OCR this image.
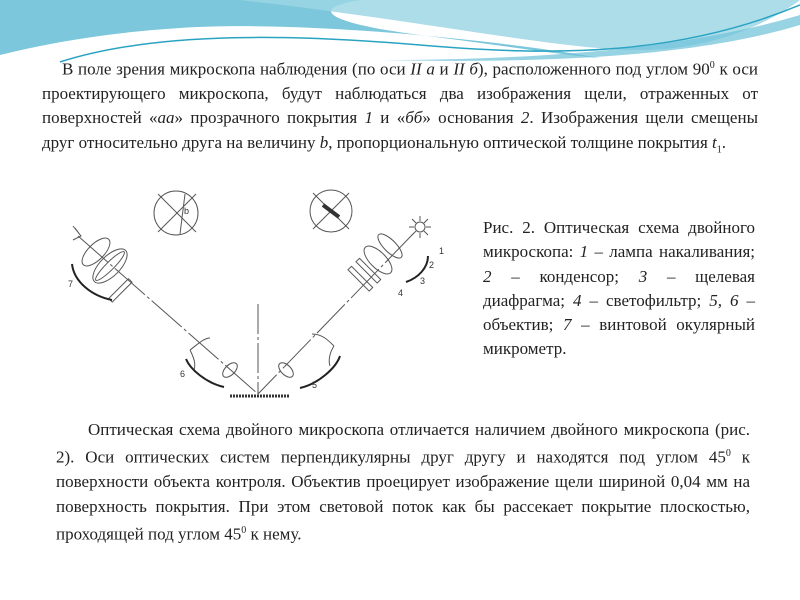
В поле зрения микроскопа наблюдения (по оси II а и II б), расположенного под углом $90^0$ к оси проектирующего микроскопа, будут наблюдаться два изображения щели, отраженных от поверхностей «аа» прозрачного покрытия 1 и «бб» основания 2. Изображения щели смещены друг относительно друга на величину b, пропорциональную оптической толщине покрытия $t_1$.
b
1
2
3
4
5
6
7
Рис. 2. Оптическая схема двойного микроскопа: 1 – лампа накаливания; 2 – конденсор; 3 – щелевая диафрагма; 4 – светофильтр; 5, 6 – объектив; 7 – винтовой окулярный микрометр.
Оптическая схема двойного микроскопа отличается наличием двойного микроскопа (рис. 2). Оси оптических систем перпендикулярны друг другу и находятся под углом $45^0$ к поверхности объекта контроля. Объектив проецирует изображение щели шириной 0,04 мм на поверхность покрытия. При этом световой поток как бы рассекает покрытие плоскостью, проходящей под углом $45^0$ к нему.
